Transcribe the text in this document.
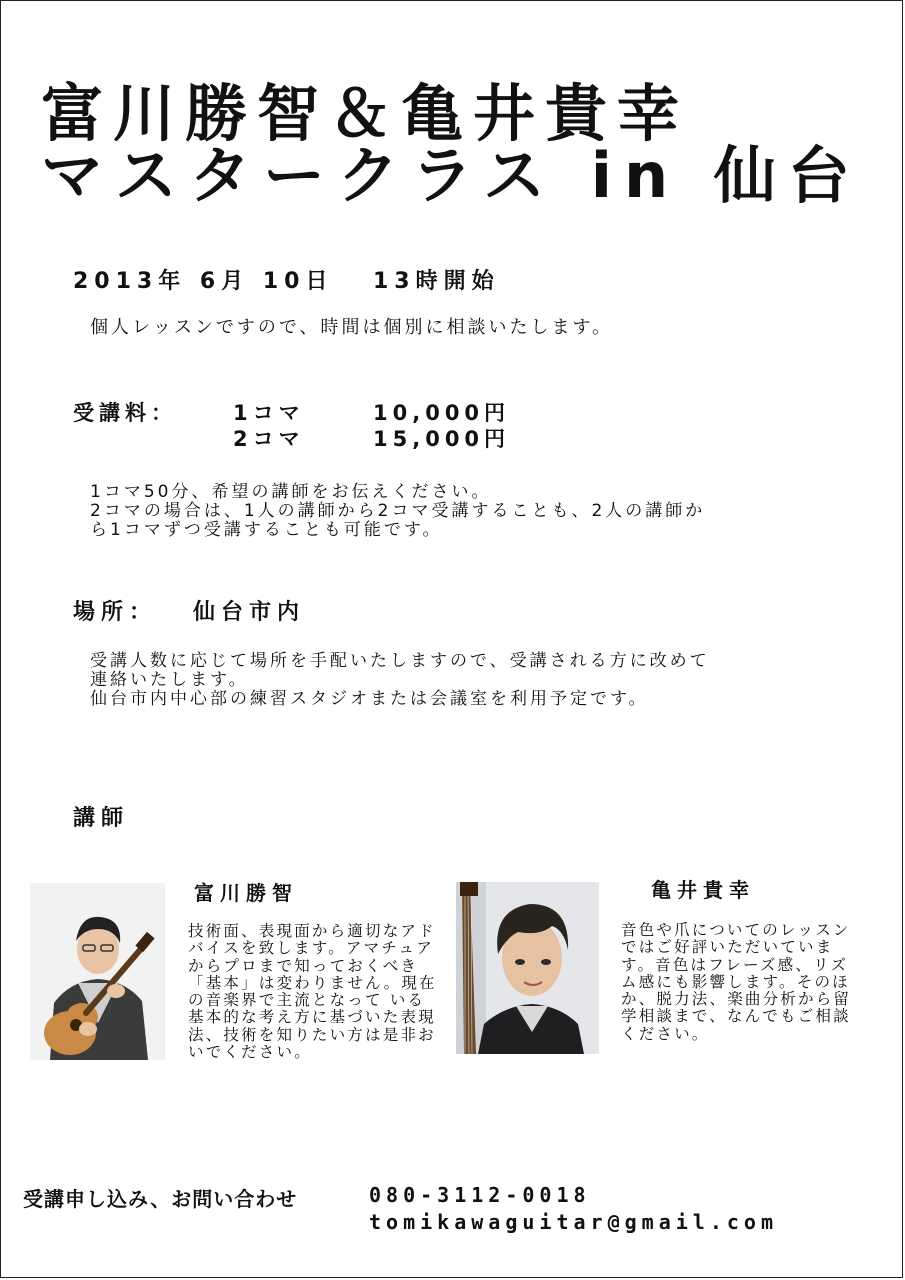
富川勝智＆亀井貴幸
マスタークラス in 仙台
2013年 6月 10日 13時開始
個人レッスンですので、時間は個別に相談いたします。
受講料：	1コマ	10,000円
2コマ	15,000円
1コマ50分、希望の講師をお伝えください。
2コマの場合は、1人の講師から2コマ受講することも、2人の講師か
ら1コマずつ受講することも可能です。
場所： 仙台市内
受講人数に応じて場所を手配いたしますので、受講される方に改めて
連絡いたします。
仙台市内中心部の練習スタジオまたは会議室を利用予定です。
講師
富川勝智
技術面、表現面から適切なアドバイスを致します。アマチュアからプロまで知っておくべき「基本」は変わりません。現在の音楽界で主流となって いる基本的な考え方に基づいた表現法、技術を知りたい方は是非おいでください。
亀井貴幸
音色や爪についてのレッスンではご好評いただいています。音色はフレーズ感、リズム感にも影響します。そのほか、脱力法、楽曲分析から留学相談まで、なんでもご相談ください。
受講申し込み、お問い合わせ	080-3112-0018
tomikawaguitar@gmail.com
